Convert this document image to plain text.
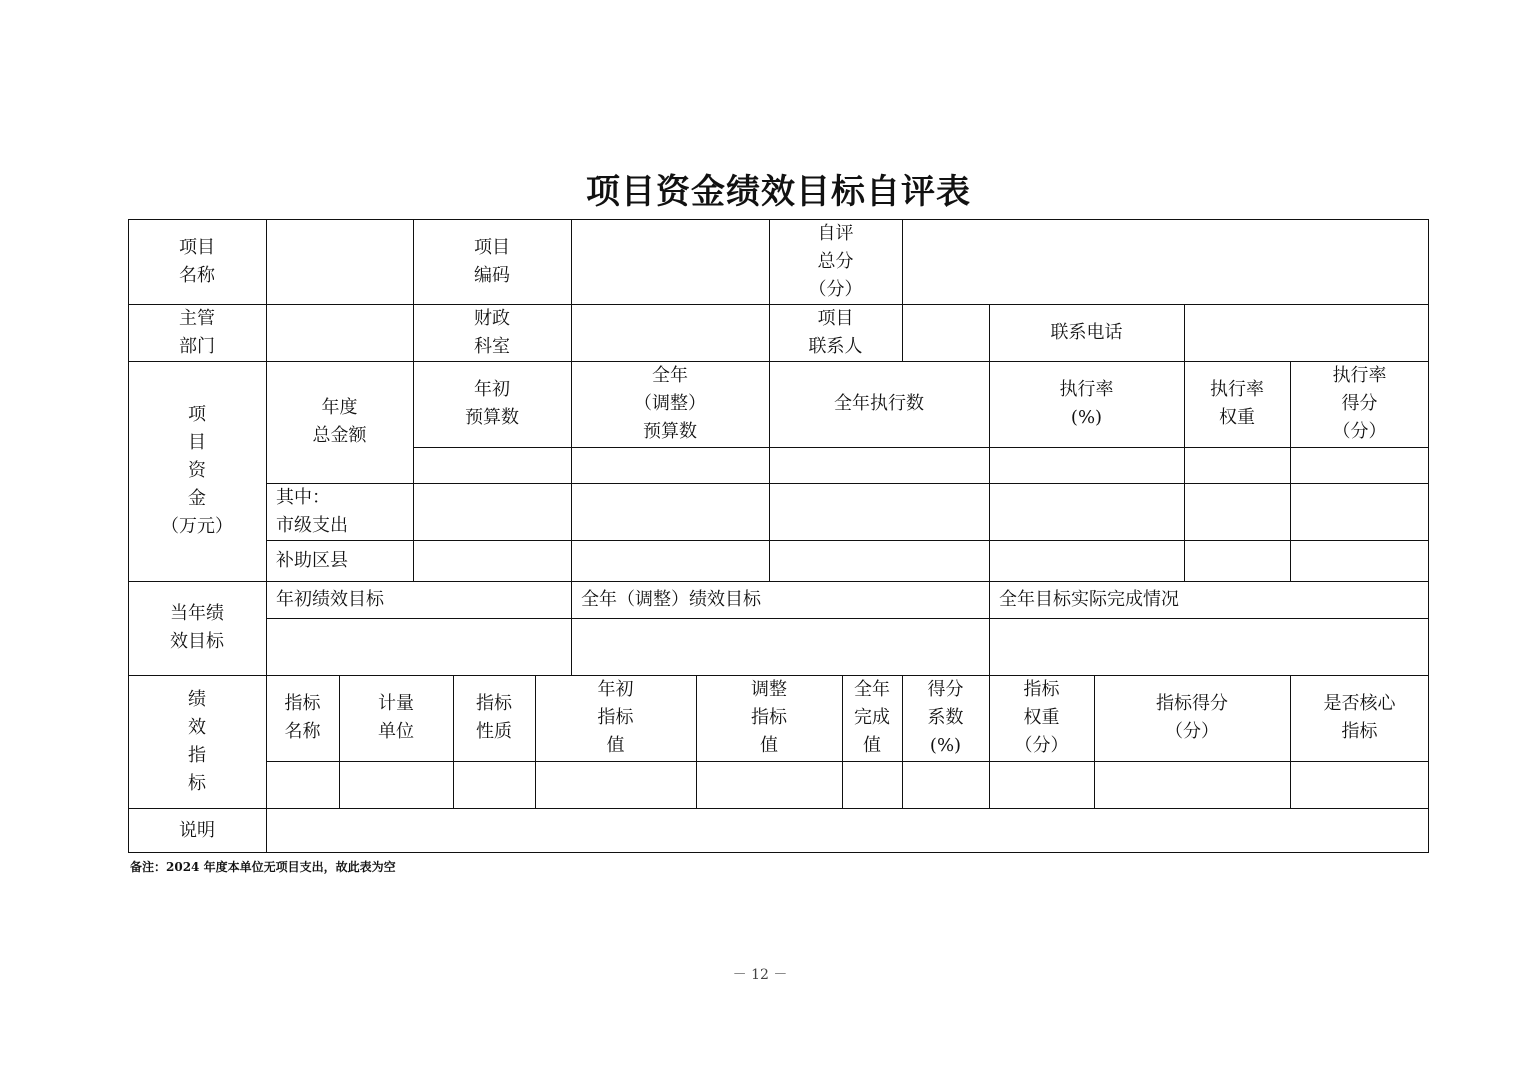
项目资金绩效目标自评表
项目
名称
项目
编码
自评
总分
（分）
主管
部门
财政
科室
项目
联系人
联系电话
项
目
资
金
（万元）
年度
总金额
年初
预算数
全年
（调整）
预算数
全年执行数
执行率
(%)
执行率
权重
执行率
得分
（分）
其中：
市级支出
补助区县
当年绩
效目标
年初绩效目标	全年（调整）绩效目标	全年目标实际完成情况
绩
效
指
标
指标
名称
计量
单位
指标
性质
年初
指标
值
调整
指标
值
全年
完成
值
得分
系数
(%)
指标
权重
（分）
指标得分
（分）
是否核心
指标
说明
备注：2024 年度本单位无项目支出，故此表为空
－ 12 －
